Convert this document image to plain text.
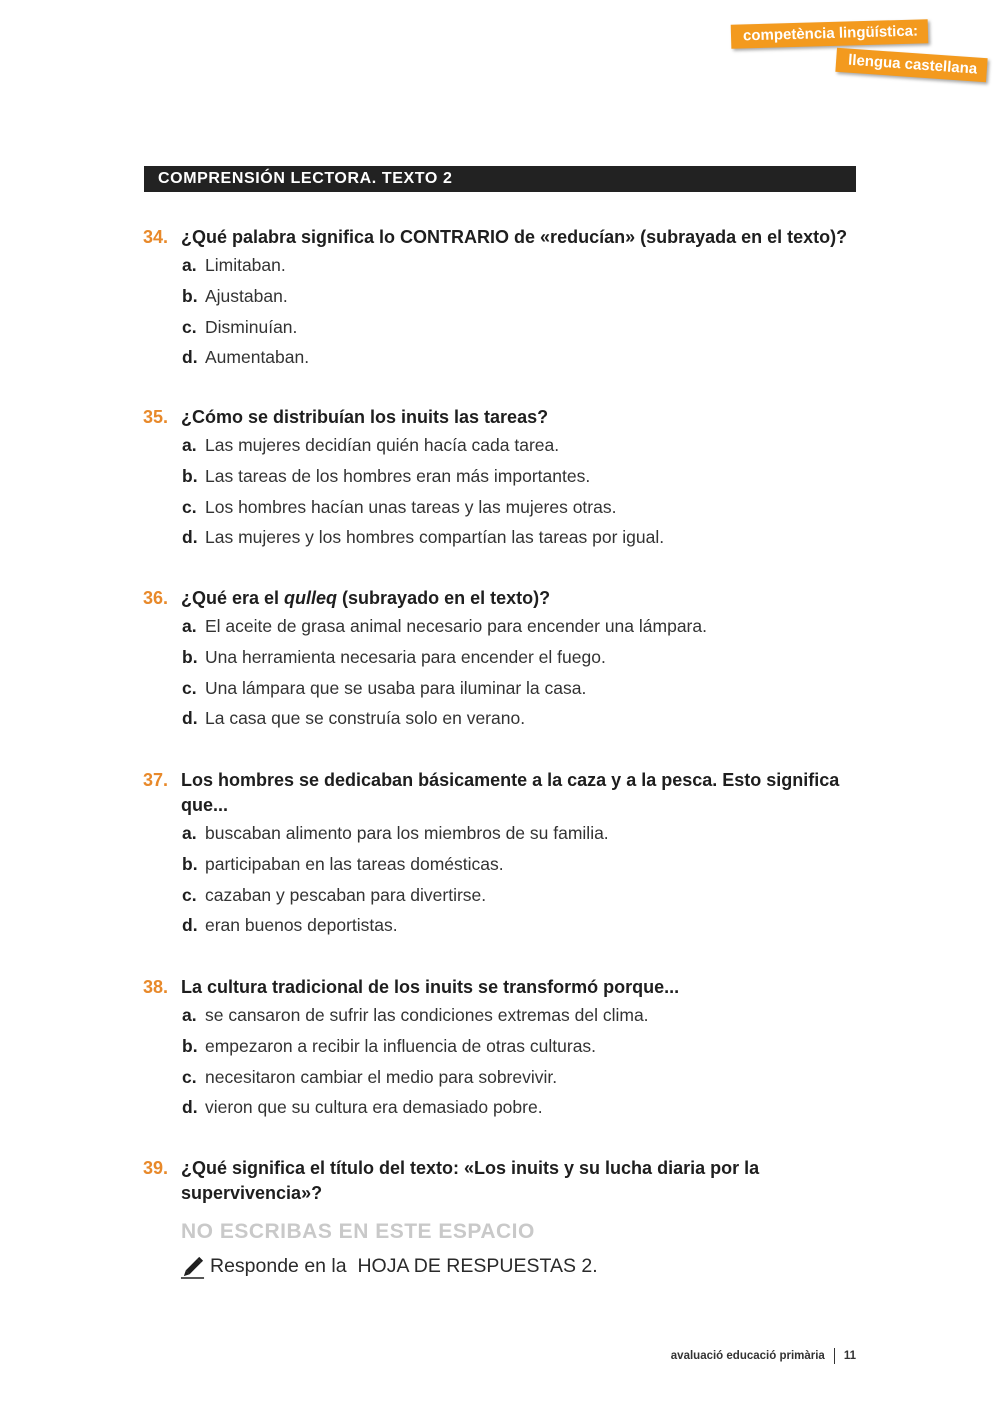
competència lingüística:
llengua castellana
COMPRENSIÓN LECTORA. TEXTO 2
34. ¿Qué palabra significa lo CONTRARIO de «reducían» (subrayada en el texto)?
a. Limitaban.
b. Ajustaban.
c. Disminuían.
d. Aumentaban.
35. ¿Cómo se distribuían los inuits las tareas?
a. Las mujeres decidían quién hacía cada tarea.
b. Las tareas de los hombres eran más importantes.
c. Los hombres hacían unas tareas y las mujeres otras.
d. Las mujeres y los hombres compartían las tareas por igual.
36. ¿Qué era el qulleq (subrayado en el texto)?
a. El aceite de grasa animal necesario para encender una lámpara.
b. Una herramienta necesaria para encender el fuego.
c. Una lámpara que se usaba para iluminar la casa.
d. La casa que se construía solo en verano.
37. Los hombres se dedicaban básicamente a la caza y a la pesca. Esto significa que...
a. buscaban alimento para los miembros de su familia.
b. participaban en las tareas domésticas.
c. cazaban y pescaban para divertirse.
d. eran buenos deportistas.
38. La cultura tradicional de los inuits se transformó porque...
a. se cansaron de sufrir las condiciones extremas del clima.
b. empezaron a recibir la influencia de otras culturas.
c. necesitaron cambiar el medio para sobrevivir.
d. vieron que su cultura era demasiado pobre.
39. ¿Qué significa el título del texto: «Los inuits y su lucha diaria por la supervivencia»?
NO ESCRIBAS EN ESTE ESPACIO
Responde en la  HOJA DE RESPUESTAS 2.
avaluació educació primària 11
